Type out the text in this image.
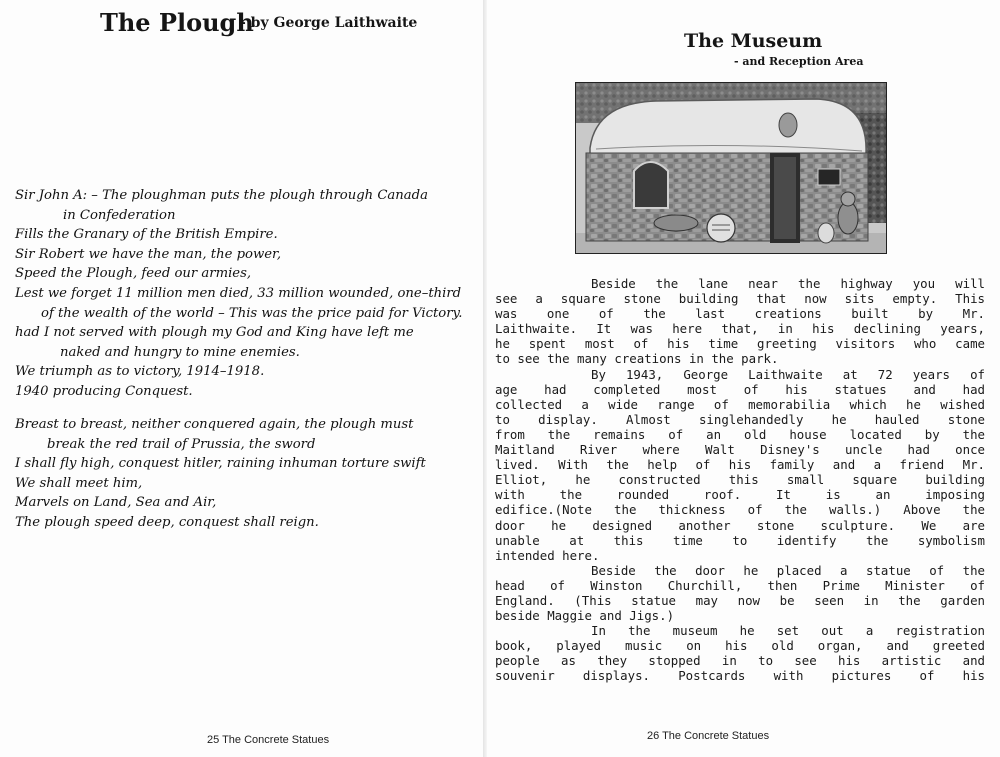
The Plough
- by George Laithwaite
Sir John A: – The ploughman puts the plough through Canada
in Confederation
Fills the Granary of the British Empire.
Sir Robert we have the man, the power,
Speed the Plough, feed our armies,
Lest we forget 11 million men died, 33 million wounded, one–third
of the wealth of the world – This was the price paid for Victory.
had I not served with plough my God and King have left me
naked and hungry to mine enemies.
We triumph as to victory, 1914–1918.
1940 producing Conquest.
Breast to breast, neither conquered again, the plough must
break the red trail of Prussia, the sword
I shall fly high, conquest hitler, raining inhuman torture swift
We shall meet him,
Marvels on Land, Sea and Air,
The plough speed deep, conquest shall reign.
25 The Concrete Statues
The Museum
- and Reception Area
Beside the lane near the highway you will
see a square stone building that now sits empty. This
was one of the last creations built by Mr.
Laithwaite. It was here that, in his declining years,
he spent most of his time greeting visitors who came
to see the many creations in the park.
By 1943, George Laithwaite at 72 years of
age had completed most of his statues and had
collected a wide range of memorabilia which he wished
to display. Almost singlehandedly he hauled stone
from the remains of an old house located by the
Maitland River where Walt Disney's uncle had once
lived. With the help of his family and a friend Mr.
Elliot, he constructed this small square building
with the rounded roof. It is an imposing
edifice.(Note the thickness of the walls.) Above the
door he designed another stone sculpture. We are
unable at this time to identify the symbolism
intended here.
Beside the door he placed a statue of the
head of Winston Churchill, then Prime Minister of
England. (This statue may now be seen in the garden
beside Maggie and Jigs.)
In the museum he set out a registration
book, played music on his old organ, and greeted
people as they stopped in to see his artistic and
souvenir displays. Postcards with pictures of his
26 The Concrete Statues
